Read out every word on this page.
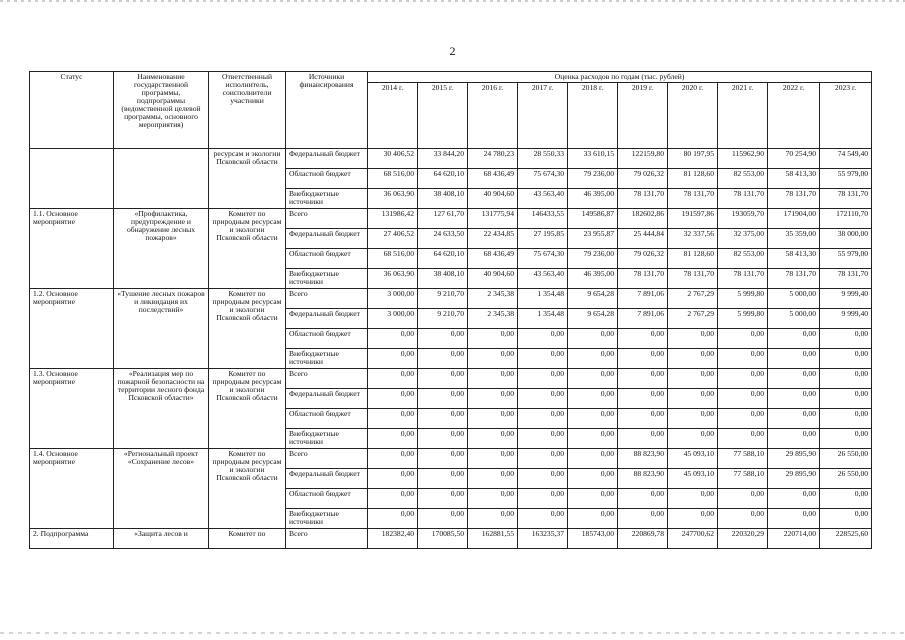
2
Статус	Наименование государственной программы, подпрограммы (ведомственной целевой программы, основного мероприятия)	Ответственный исполнитель, соисполнители участники	Источники финансирования	Оценка расходов по годам (тыс. рублей)									
				2014 г.	2015 г.	2016 г.	2017 г.	2018 г.	2019 г.	2020 г.	2021 г.	2022 г.	2023 г.
		ресурсам и экологии Псковской области	Федеральный бюджет	30 406,52	33 844,20	24 780,23	28 550,33	33 610,15	122159,80	80 197,95	115962,90	70 254,90	74 549,40
			Областной бюджет	68 516,00	64 620,10	68 436,49	75 674,30	79 236,00	79 026,32	81 128,60	82 553,00	58 413,30	55 979,00
			Внебюджетные источники	36 063,90	38 408,10	40 904,60	43 563,40	46 395,00	78 131,70	78 131,70	78 131,70	78 131,70	78 131,70
1.1. Основное мероприятие	«Профилактика, предупреждение и обнаружение лесных пожаров»	Комитет по природным ресурсам и экологии Псковской области	Всего	131986,42	127 61,70	131775,94	146433,55	149586,87	182602,86	191597,86	193059,70	171904,00	172110,70
			Федеральный бюджет	27 406,52	24 633,50	22 434,85	27 195,85	23 955,87	25 444,84	32 337,56	32 375,00	35 359,00	38 000,00
			Областной бюджет	68 516,00	64 620,10	68 436,49	75 674,30	79 236,00	79 026,32	81 128,60	82 553,00	58 413,30	55 979,00
			Внебюджетные источники	36 063,90	38 408,10	40 904,60	43 563,40	46 395,00	78 131,70	78 131,70	78 131,70	78 131,70	78 131,70
1.2. Основное мероприятие	«Тушение лесных пожаров и ликвидация их последствий»	Комитет по природным ресурсам и экологии Псковской области	Всего	3 000,00	9 210,70	2 345,38	1 354,48	9 654,28	7 891,06	2 767,29	5 999,80	5 000,00	9 999,40
			Федеральный бюджет	3 000,00	9 210,70	2 345,38	1 354,48	9 654,28	7 891,06	2 767,29	5 999,80	5 000,00	9 999,40
			Областной бюджет	0,00	0,00	0,00	0,00	0,00	0,00	0,00	0,00	0,00	0,00
			Внебюджетные источники	0,00	0,00	0,00	0,00	0,00	0,00	0,00	0,00	0,00	0,00
1.3. Основное мероприятие	«Реализация мер по пожарной безопасности на территории лесного фонда Псковской области»	Комитет по природным ресурсам и экологии Псковской области	Всего	0,00	0,00	0,00	0,00	0,00	0,00	0,00	0,00	0,00	0,00
			Федеральный бюджет	0,00	0,00	0,00	0,00	0,00	0,00	0,00	0,00	0,00	0,00
			Областной бюджет	0,00	0,00	0,00	0,00	0,00	0,00	0,00	0,00	0,00	0,00
			Внебюджетные источники	0,00	0,00	0,00	0,00	0,00	0,00	0,00	0,00	0,00	0,00
1.4. Основное мероприятие	«Региональный проект «Сохранение лесов»	Комитет по природным ресурсам и экологии Псковской области	Всего	0,00	0,00	0,00	0,00	0,00	88 823,90	45 093,10	77 588,10	29 895,90	26 550,00
			Федеральный бюджет	0,00	0,00	0,00	0,00	0,00	88 823,90	45 093,10	77 588,10	29 895,90	26 550,00
			Областной бюджет	0,00	0,00	0,00	0,00	0,00	0,00	0,00	0,00	0,00	0,00
			Внебюджетные источники	0,00	0,00	0,00	0,00	0,00	0,00	0,00	0,00	0,00	0,00
2. Подпрограмма	«Защита лесов и	Комитет по	Всего	182382,40	170085,50	162881,55	163235,37	185743,00	220869,78	247700,62	220320,29	220714,00	228525,60
